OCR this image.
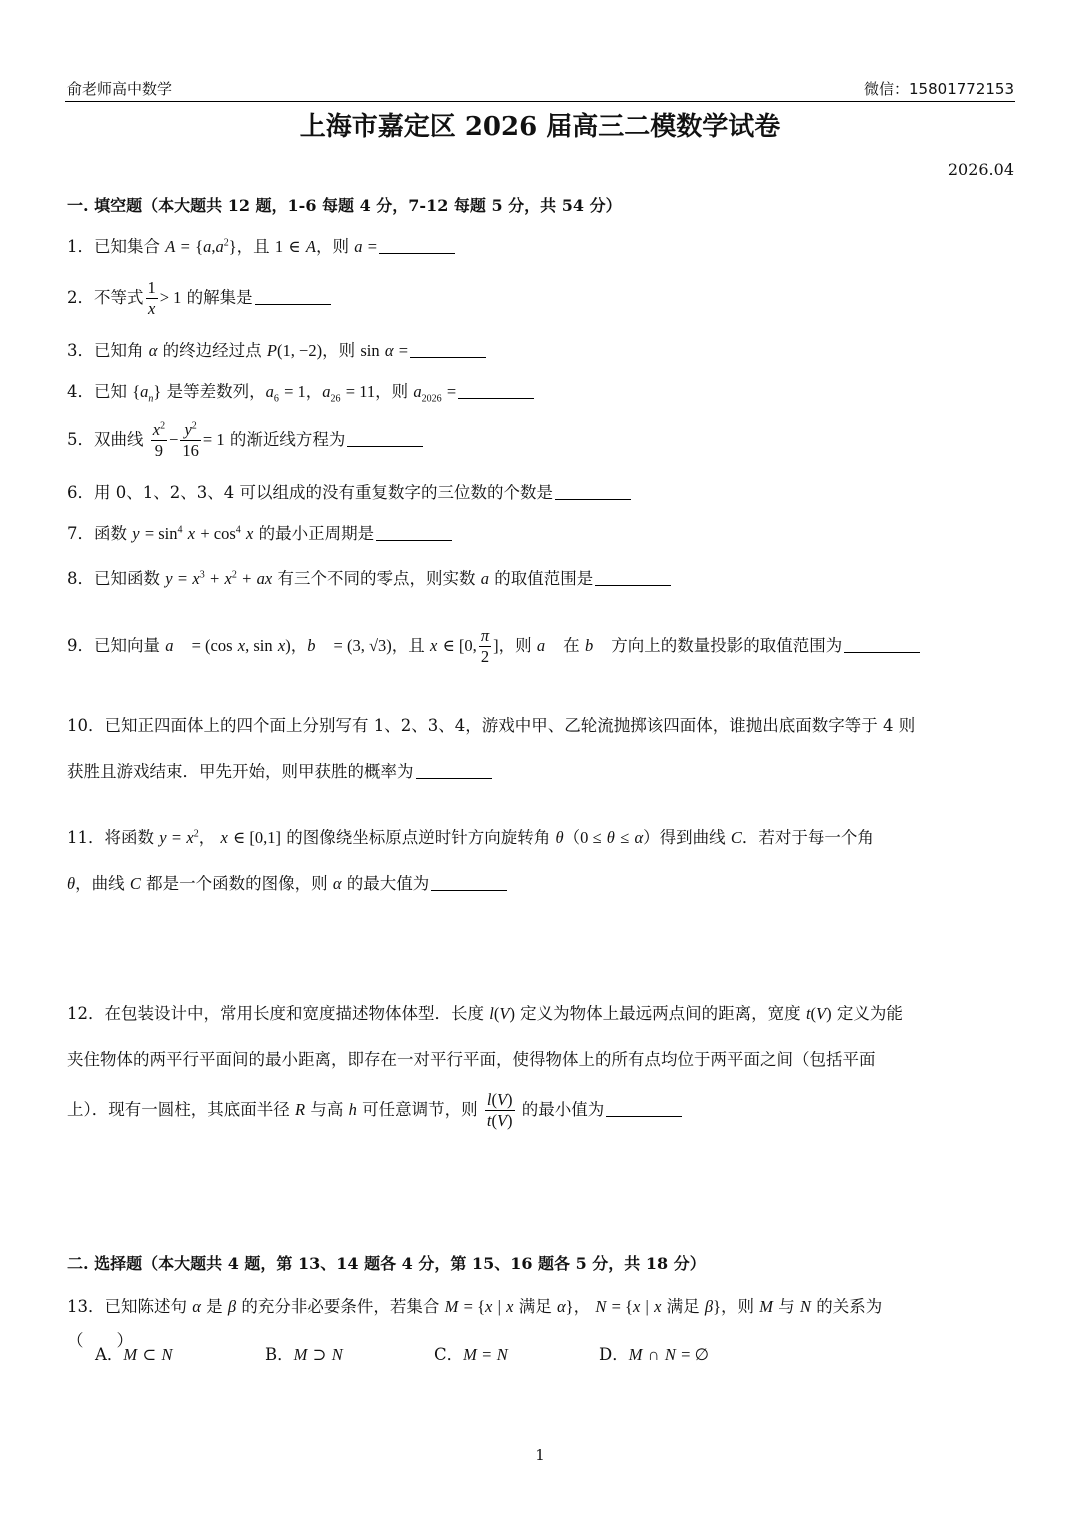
俞老师高中数学	微信：15801772153
上海市嘉定区 2026 届高三二模数学试卷
2026.04
一. 填空题（本大题共 12 题，1-6 每题 4 分，7-12 每题 5 分，共 54 分）
1．已知集合 $A = \{a,a^2\}$，且 1 ∈ A，则 a =
2．不等式 $\frac{1}{x} > 1$ 的解集是
3．已知角 α 的终边经过点 P(1, −2)，则 sin α =
4．已知 $\{a_n\}$ 是等差数列，$a_6 = 1$，$a_{26} = 11$，则 $a_{2026}$ =
5．双曲线 $\frac{x^2}{9} - \frac{y^2}{16} = 1$ 的渐近线方程为
6．用 0、1、2、3、4 可以组成的没有重复数字的三位数的个数是
7．函数 $y = \sin^4 x + \cos^4 x$ 的最小正周期是
8．已知函数 $y = x^3 + x^2$ + ax 有三个不同的零点，则实数 a 的取值范围是
9．已知向量 a⃗ = (cos x, sin x)，b⃗ = (3, √3)，且 x ∈ [0, $\frac{\pi}{2}$ ]，则 a⃗ 在 b⃗ 方向上的数量投影的取值范围为
10．已知正四面体上的四个面上分别写有 1、2、3、4，游戏中甲、乙轮流抛掷该四面体，谁抛出底面数字等于 4 则
获胜且游戏结束．甲先开始，则甲获胜的概率为
11．将函数 $y = x^2$， x ∈ [0,1] 的图像绕坐标原点逆时针方向旋转角 θ（0 ≤ θ ≤ α）得到曲线 C．若对于每一个角
θ，曲线 C 都是一个函数的图像，则 α 的最大值为
12．在包装设计中，常用长度和宽度描述物体体型．长度 l(V) 定义为物体上最远两点间的距离，宽度 t(V) 定义为能
夹住物体的两平行平面间的最小距离，即存在一对平行平面，使得物体上的所有点均位于两平面之间（包括平面
上）．现有一圆柱，其底面半径 R 与高 h 可任意调节，则 $\frac{l(V)}{t(V)}$ 的最小值为
二. 选择题（本大题共 4 题，第 13、14 题各 4 分，第 15、16 题各 5 分，共 18 分）
13．已知陈述句 α 是 β 的充分非必要条件，若集合 M = {x | x 满足 α}， N = {x | x 满足 β}，则 M 与 N 的关系为
（　　）
A．M ⊂ N	B．M ⊃ N	C．M = N	D．M ∩ N = ∅
1
